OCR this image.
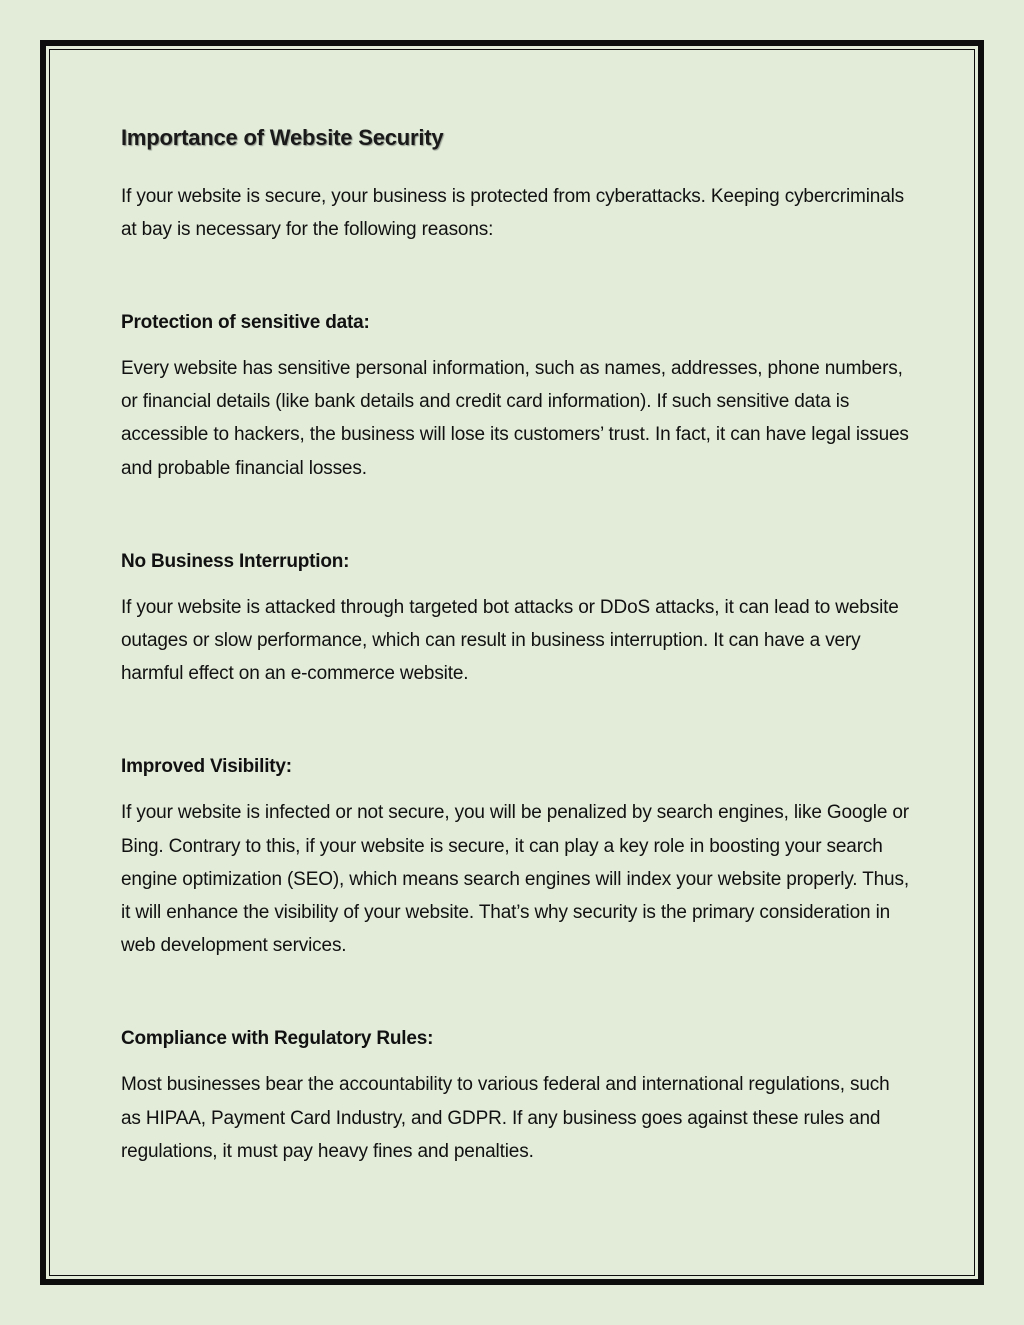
Importance of Website Security

If your website is secure, your business is protected from cyberattacks. Keeping cybercriminals at bay is necessary for the following reasons:

Protection of sensitive data:

Every website has sensitive personal information, such as names, addresses, phone numbers, or financial details (like bank details and credit card information). If such sensitive data is accessible to hackers, the business will lose its customers’ trust. In fact, it can have legal issues and probable financial losses.

No Business Interruption:

If your website is attacked through targeted bot attacks or DDoS attacks, it can lead to website outages or slow performance, which can result in business interruption. It can have a very harmful effect on an e-commerce website.

Improved Visibility:

If your website is infected or not secure, you will be penalized by search engines, like Google or Bing. Contrary to this, if your website is secure, it can play a key role in boosting your search engine optimization (SEO), which means search engines will index your website properly. Thus, it will enhance the visibility of your website. That’s why security is the primary consideration in web development services.

Compliance with Regulatory Rules:

Most businesses bear the accountability to various federal and international regulations, such as HIPAA, Payment Card Industry, and GDPR. If any business goes against these rules and regulations, it must pay heavy fines and penalties.
